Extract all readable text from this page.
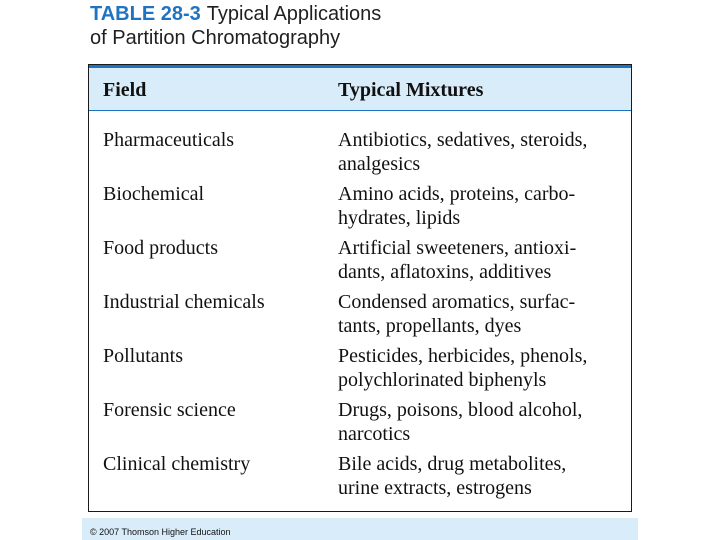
TABLE 28-3 Typical Applications
of Partition Chromatography
Field	Typical Mixtures
Pharmaceuticals	Antibiotics, sedatives, steroids,
analgesics
Biochemical	Amino acids, proteins, carbo-
hydrates, lipids
Food products	Artificial sweeteners, antioxi-
dants, aflatoxins, additives
Industrial chemicals	Condensed aromatics, surfac-
tants, propellants, dyes
Pollutants	Pesticides, herbicides, phenols,
polychlorinated biphenyls
Forensic science	Drugs, poisons, blood alcohol,
narcotics
Clinical chemistry	Bile acids, drug metabolites,
urine extracts, estrogens
© 2007 Thomson Higher Education
